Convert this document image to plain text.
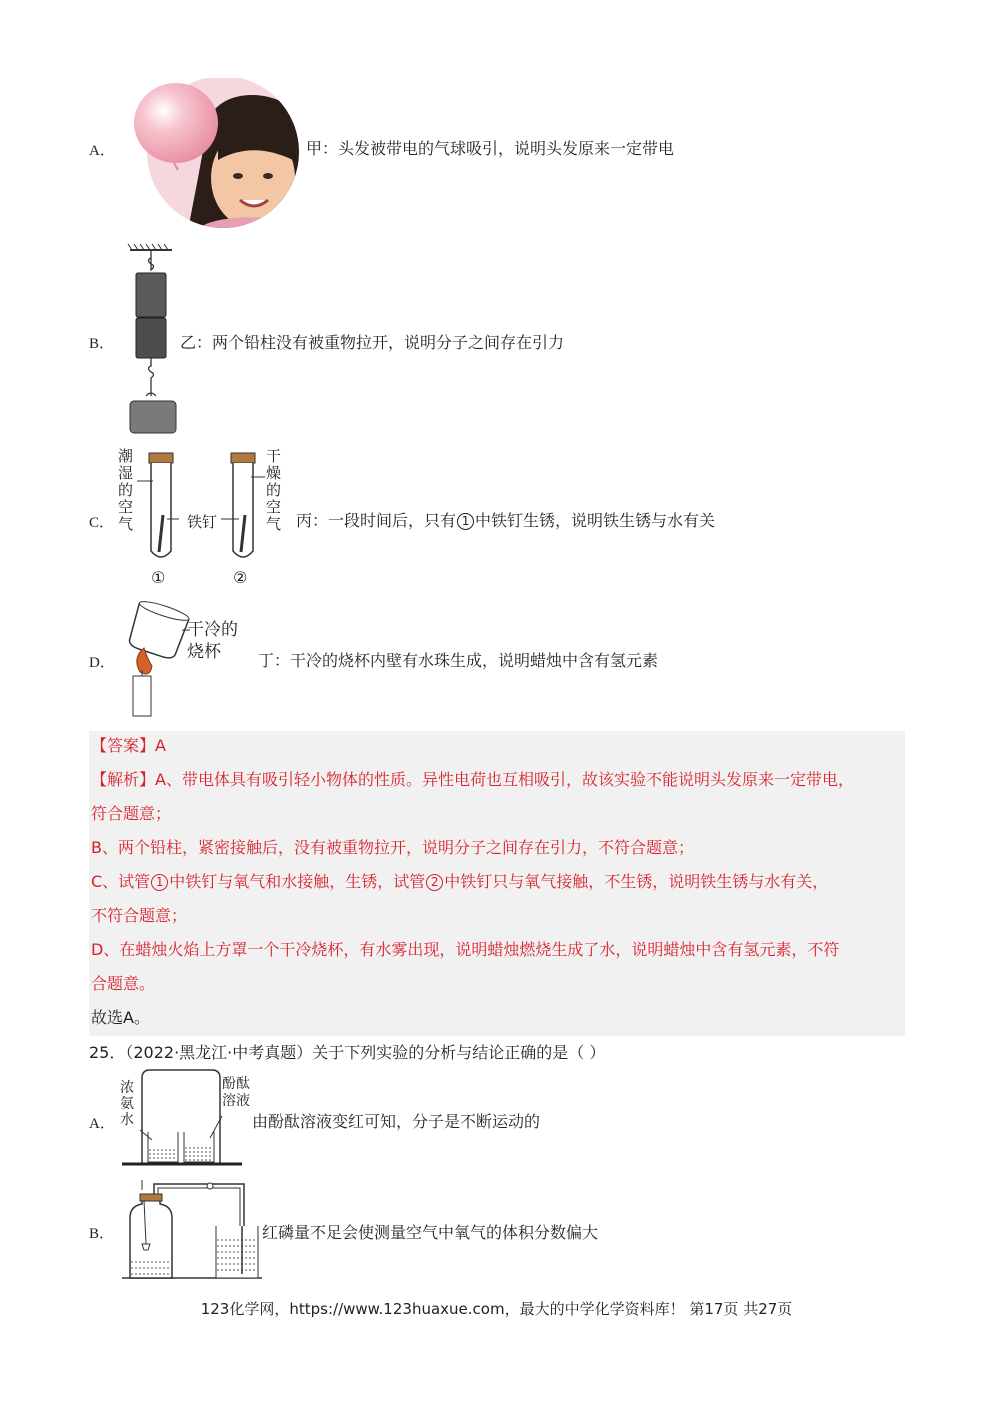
A．	甲：头发被带电的气球吸引，说明头发原来一定带电
B．	乙：两个铅柱没有被重物拉开，说明分子之间存在引力
C．
潮湿的空气
干燥的空气
铁钉
①	②
丙：一段时间后，只有 1 中铁钉生锈，说明铁生锈与水有关
D．
干冷的
烧杯	丁：干冷的烧杯内壁有水珠生成，说明蜡烛中含有氢元素
【答案】A
【解析】A、带电体具有吸引轻小物体的性质。异性电荷也互相吸引，故该实验不能说明头发原来一定带电，
符合题意；
B、两个铅柱，紧密接触后，没有被重物拉开，说明分子之间存在引力，不符合题意；
C、试管 1 中铁钉与氧气和水接触，生锈，试管 2 中铁钉只与氧气接触，不生锈，说明铁生锈与水有关，
不符合题意；
D、在蜡烛火焰上方罩一个干冷烧杯，有水雾出现，说明蜡烛燃烧生成了水，说明蜡烛中含有氢元素，不符
合题意。
故选A。
25．（2022·黑龙江·中考真题）关于下列实验的分析与结论正确的是（ ）
A．
浓氨水
酚酞溶液
由酚酞溶液变红可知，分子是不断运动的
B．	红磷量不足会使测量空气中氧气的体积分数偏大
123化学网，https://www.123huaxue.com，最大的中学化学资料库！ 第17页 共27页
